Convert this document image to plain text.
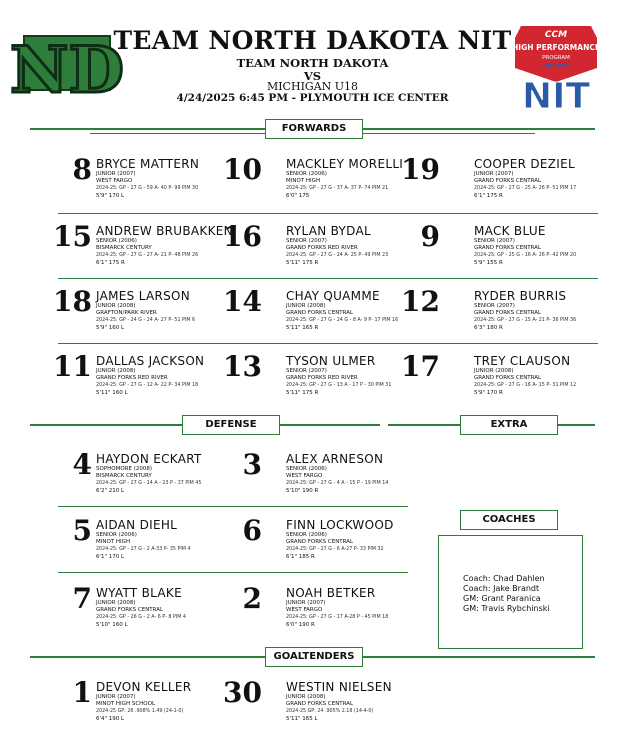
ND
TEAM NORTH DAKOTA NIT
TEAM NORTH DAKOTA
VS
MICHIGAN U18
4/24/2025 6:45 PM - PLYMOUTH ICE CENTER
CCM
HIGH PERFORMANCE
PROGRAM
HOCKEY
NIT
FORWARDS
8 BRYCE MATTERN
JUNIOR (2007)
WEST FARGO
2024-25: GP - 27 G - 59 A- 40 P- 99 PIM 30
5'9" 170 L
10 MACKLEY MORELLI
SENIOR (2006)
MINOT HIGH
2024-25: GP - 27 G - 37 A- 37 P- 74 PIM 21
6'0" 175
19	COOPER DEZIEL
JUNIOR (2007)
GRAND FORKS CENTRAL
2024-25: GP - 27 G - 25 A- 26 P- 51 PIM 17
6'1" 175 R
15 ANDREW BRUBAKKEN
SENIOR (2006)
BISMARCK CENTURY
2024-25: GP - 27 G - 27 A- 21 P- 48 PIM 26
6'1" 175 R
16 RYLAN BYDAL
SENIOR (2007)
GRAND FORKS RED RIVER
2024-25: GP - 27 G - 24 A- 25 P- 49 PIM 23
5'11" 175 R
9	MACK BLUE
SENIOR (2007)
GRAND FORKS CENTRAL
2024-25: GP - 25 G - 16 A- 26 P- 42 PIM 20
5'9" 155 R
18 JAMES LARSON
JUNIOR (2008)
GRAFTON/PARK RIVER
2024-25: GP - 24 G - 24 A- 27 P- 51 PIM 6
5'9" 160 L
14 CHAY QUAMME
JUNIOR (2008)
GRAND FORKS CENTRAL
2024-25: GP - 27 G - 24 G - 8 A- 9 P- 17 PIM 16
5'11" 165 R
12	RYDER BURRIS
SENIOR (2007)
GRAND FORKS CENTRAL
2024-25: GP - 27 G - 15 A- 21 P- 36 PIM 36
6'3" 180 R
11 DALLAS JACKSON
JUNIOR (2008)
GRAND FORKS RED RIVER
2024-25: GP - 27 G - 12 A- 22 P- 34 PIM 18
5'11" 160 L
13 TYSON ULMER
SENIOR (2007)
GRAND FORKS RED RIVER
2024-25: GP - 27 G - 13 A - 17 P - 30 PIM 31
5'11" 175 R
17	TREY CLAUSON
JUNIOR (2008)
GRAND FORKS CENTRAL
2024-25: GP - 27 G - 16 A- 15 P- 31 PIM 12
5'9" 170 R
DEFENSE	EXTRA
4 HAYDON ECKART
SOPHOMORE (2008)
BISMARCK CENTURY
2024-25: GP - 27 G - 14 A - 23 P - 37 PIM 45
6'2" 210 L
3 ALEX ARNESON
SENIOR (2006)
WEST FARGO
2024-25: GP - 27 G - 4 A - 15 P - 19 PIM 14
5'10" 190 R
5 AIDAN DIEHL
SENIOR (2006)
MINOT HIGH
2024-25: GP - 27 G - 2 A-33 P- 35 PIM 4
6'1" 170 L
6 FINN LOCKWOOD
SENIOR (2006)
GRAND FORKS CENTRAL
2024-25: GP - 27 G - 6 A-27 P- 33 PIM 32
6'1" 185 R
7 WYATT BLAKE
JUNIOR (2008)
GRAND FORKS CENTRAL
2024-25: GP - 26 G - 2 A- 6 P- 8 PIM 4
5'10" 160 L
2 NOAH BETKER
JUNIOR (2007)
WEST FARGO
2024-25: GP - 27 G - 17 A-28 P - 45 PIM 18
6'0" 190 R
COACHES
Coach: Chad Dahlen
Coach: Jake Brandt
GM: Grant Paranica
GM: Travis Rybchinski
GOALTENDERS
1 DEVON KELLER
JUNIOR (2007)
MINOT HIGH SCHOOL
2024-25 GP: 26 .908% 1.49 (24-1-0)
6'4" 190 L
30 WESTIN NIELSEN
JUNIOR (2008)
GRAND FORKS CENTRAL
2024-25 GP: 24 .905% 2.18 (14-4-0)
5'11" 165 L
